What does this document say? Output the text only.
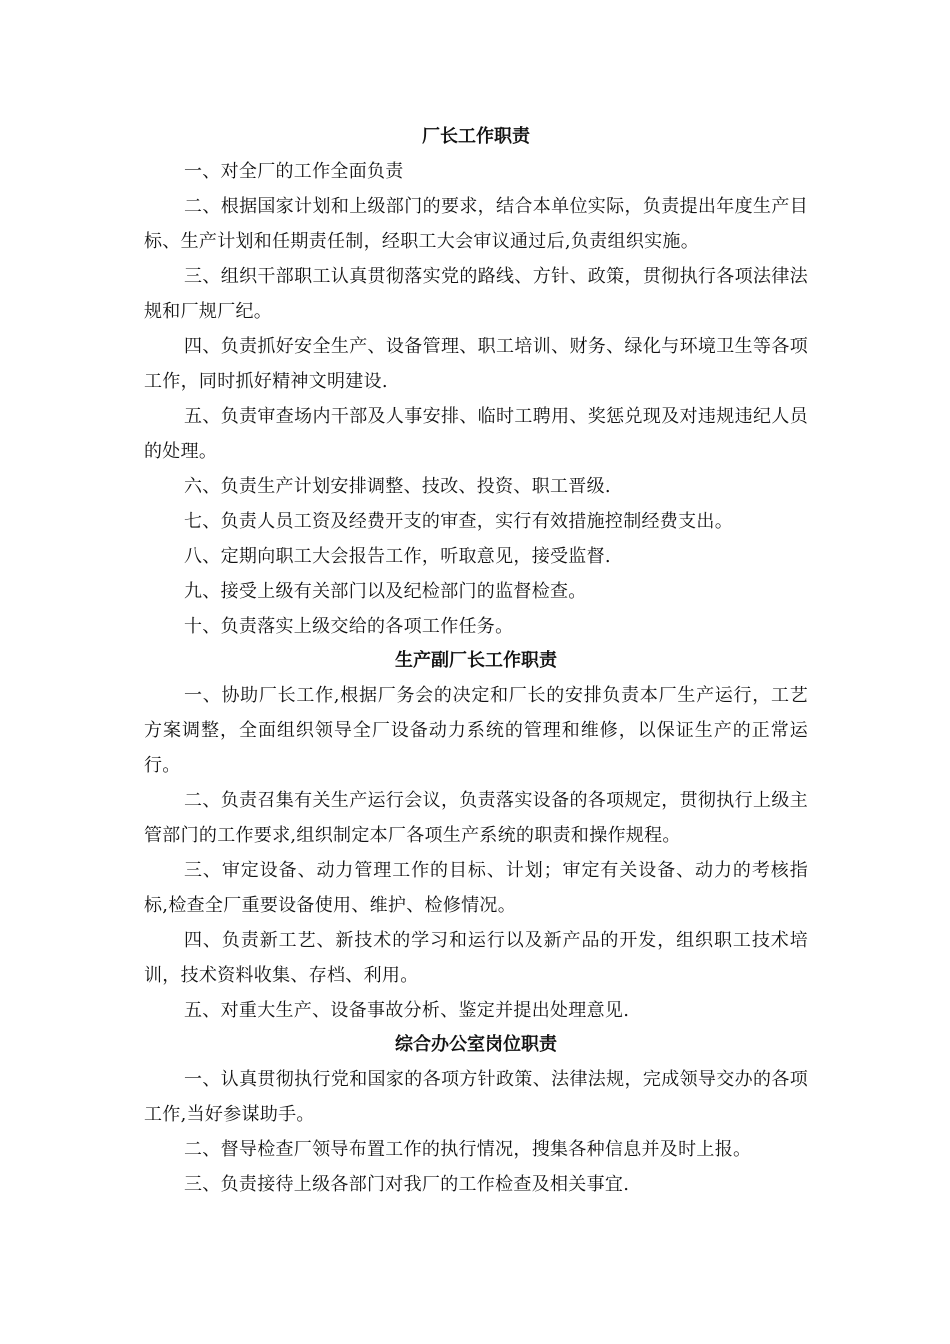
厂长工作职责

一、对全厂的工作全面负责

二、根据国家计划和上级部门的要求，结合本单位实际，负责提出年度生产目标、生产计划和任期责任制，经职工大会审议通过后,负责组织实施。

三、组织干部职工认真贯彻落实党的路线、方针、政策，贯彻执行各项法律法规和厂规厂纪。

四、负责抓好安全生产、设备管理、职工培训、财务、绿化与环境卫生等各项工作，同时抓好精神文明建设.

五、负责审查场内干部及人事安排、临时工聘用、奖惩兑现及对违规违纪人员的处理。

六、负责生产计划安排调整、技改、投资、职工晋级.

七、负责人员工资及经费开支的审查，实行有效措施控制经费支出。

八、定期向职工大会报告工作，听取意见，接受监督.

九、接受上级有关部门以及纪检部门的监督检查。

十、负责落实上级交给的各项工作任务。

生产副厂长工作职责

一、协助厂长工作,根据厂务会的决定和厂长的安排负责本厂生产运行，工艺方案调整，全面组织领导全厂设备动力系统的管理和维修，以保证生产的正常运行。

二、负责召集有关生产运行会议，负责落实设备的各项规定，贯彻执行上级主管部门的工作要求,组织制定本厂各项生产系统的职责和操作规程。

三、审定设备、动力管理工作的目标、计划；审定有关设备、动力的考核指标,检查全厂重要设备使用、维护、检修情况。

四、负责新工艺、新技术的学习和运行以及新产品的开发，组织职工技术培训，技术资料收集、存档、利用。

五、对重大生产、设备事故分析、鉴定并提出处理意见.

综合办公室岗位职责

一、认真贯彻执行党和国家的各项方针政策、法律法规，完成领导交办的各项工作,当好参谋助手。

二、督导检查厂领导布置工作的执行情况，搜集各种信息并及时上报。

三、负责接待上级各部门对我厂的工作检查及相关事宜.
